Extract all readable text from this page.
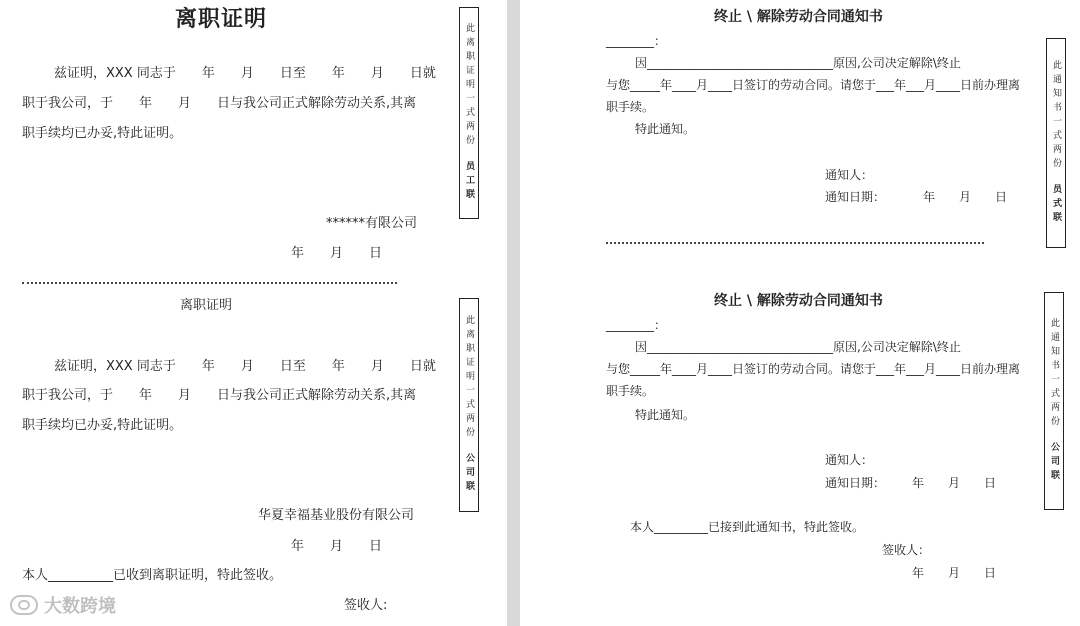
离职证明
兹证明，XXX 同志于　　年　　月　　日至　　年　　月　　日就
职于我公司，于　　年　　月　　日与我公司正式解除劳动关系,其离
职手续均已办妥,特此证明。
******有限公司
年　　月　　日
此离职证明一式两份
员工联
离职证明
兹证明，XXX 同志于　　年　　月　　日至　　年　　月　　日就
职于我公司，于　　年　　月　　日与我公司正式解除劳动关系,其离
职手续均已办妥,特此证明。
华夏幸福基业股份有限公司
年　　月　　日
本人__________已收到离职证明，特此签收。
签收人:
此离职证明一式两份
公司联
大数跨境
终止 \ 解除劳动合同通知书
________：
因_______________________________原因,公司决定解除\终止
与您_____年____月____日签订的劳动合同。请您于___年___月____日前办理离
职手续。
特此通知。
通知人：
通知日期：	年　　月　　日
此通知书一式两份
员式联
终止 \ 解除劳动合同通知书
________：
因_______________________________原因,公司决定解除\终止
与您_____年____月____日签订的劳动合同。请您于___年___月____日前办理离
职手续。
特此通知。
通知人：
通知日期： 年　　月　　日
本人_________已接到此通知书，特此签收。
签收人：
年　　月　　日
此通知书一式两份
公司联
